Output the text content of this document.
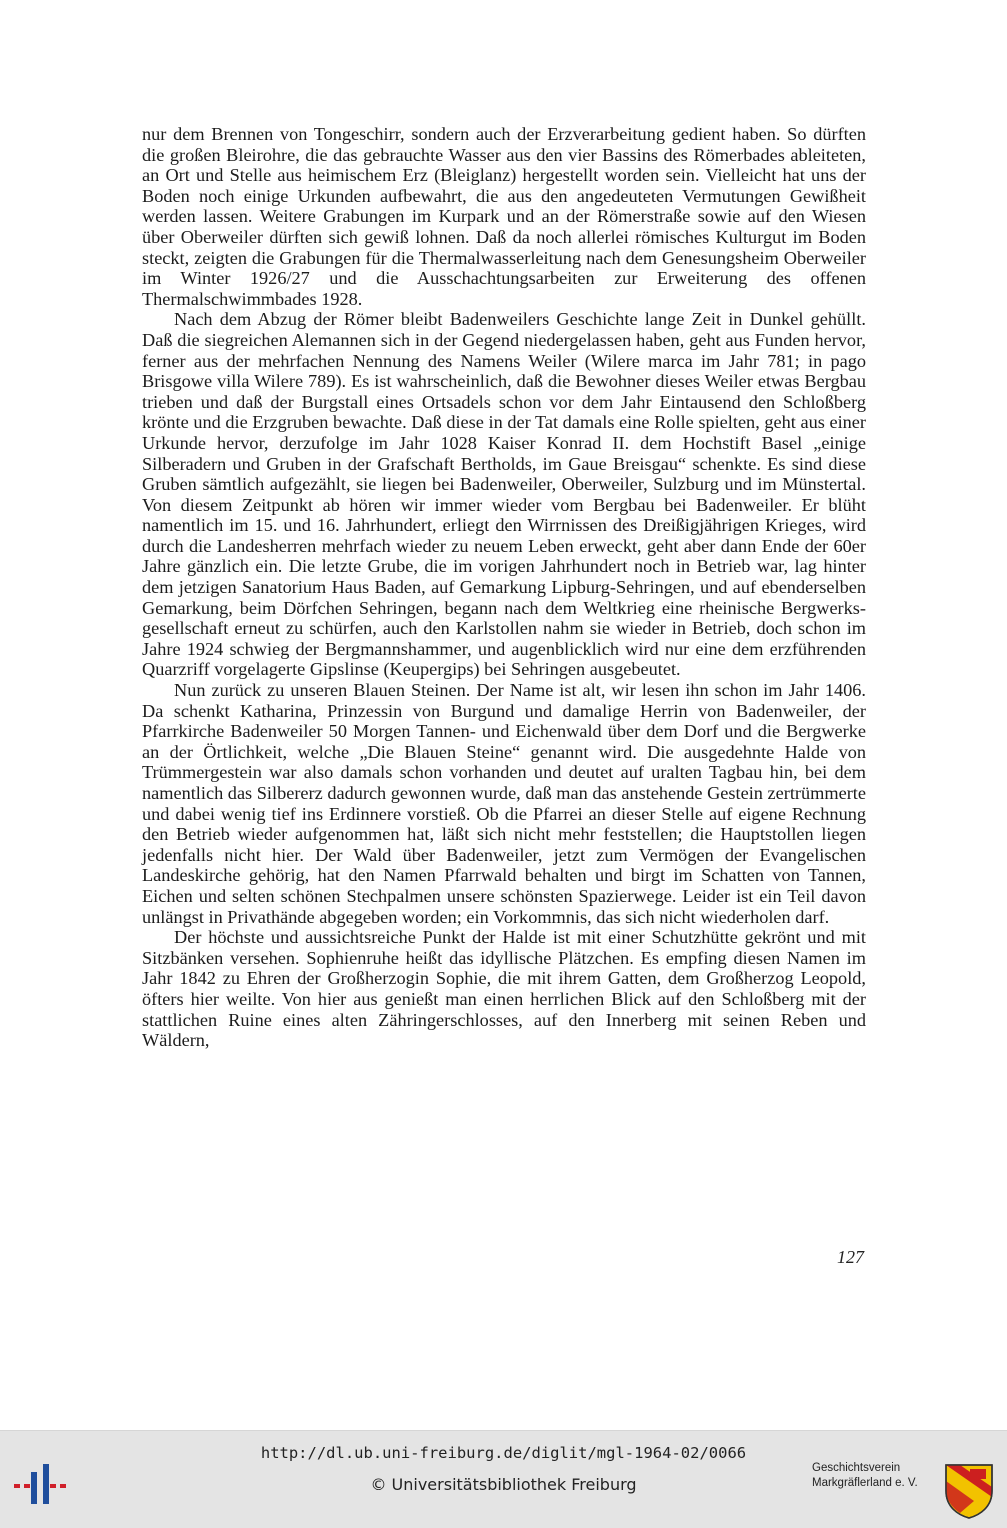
nur dem Brennen von Tongeschirr, sondern auch der Erzverarbeitung gedient haben. So dürften die großen Bleirohre, die das gebrauchte Wasser aus den vier Bassins des Römerbades ableiteten, an Ort und Stelle aus heimischem Erz (Bleiglanz) hergestellt worden sein. Vielleicht hat uns der Boden noch einige Urkunden aufbewahrt, die aus den angedeuteten Vermutungen Gewißheit werden lassen. Weitere Grabungen im Kurpark und an der Römerstraße sowie auf den Wiesen über Oberweiler dürften sich gewiß lohnen. Daß da noch allerlei römisches Kulturgut im Boden steckt, zeigten die Grabungen für die Thermalwasserleitung nach dem Genesungsheim Oberweiler im Winter 1926/27 und die Ausschachtungsarbeiten zur Erweiterung des offenen Thermalschwimmbades 1928.

Nach dem Abzug der Römer bleibt Badenweilers Geschichte lange Zeit in Dunkel gehüllt. Daß die siegreichen Alemannen sich in der Gegend niedergelassen haben, geht aus Funden hervor, ferner aus der mehrfachen Nennung des Namens Weiler (Wilere marca im Jahr 781; in pago Brisgowe villa Wilere 789). Es ist wahrscheinlich, daß die Bewohner dieses Weiler etwas Bergbau trieben und daß der Burgstall eines Ortsadels schon vor dem Jahr Eintausend den Schloßberg krönte und die Erzgruben bewachte. Daß diese in der Tat damals eine Rolle spielten, geht aus einer Urkunde hervor, derzufolge im Jahr 1028 Kaiser Konrad II. dem Hochstift Basel „einige Silberadern und Gruben in der Grafschaft Bertholds, im Gaue Breisgau“ schenkte. Es sind diese Gruben sämtlich aufgezählt, sie liegen bei Badenweiler, Oberweiler, Sulzburg und im Münstertal. Von diesem Zeitpunkt ab hören wir immer wieder vom Bergbau bei Badenweiler. Er blüht namentlich im 15. und 16. Jahrhundert, erliegt den Wirrnissen des Dreißigjährigen Krieges, wird durch die Landesherren mehrfach wieder zu neuem Leben erweckt, geht aber dann Ende der 60er Jahre gänzlich ein. Die letzte Grube, die im vorigen Jahrhundert noch in Betrieb war, lag hinter dem jetzigen Sanatorium Haus Baden, auf Gemarkung Lipburg-Sehringen, und auf ebenderselben Gemarkung, beim Dörfchen Sehringen, begann nach dem Weltkrieg eine rheinische Bergwerksgesellschaft erneut zu schürfen, auch den Karlstollen nahm sie wieder in Betrieb, doch schon im Jahre 1924 schwieg der Bergmannshammer, und augenblicklich wird nur eine dem erzführenden Quarzriff vorgelagerte Gipslinse (Keupergips) bei Sehringen ausgebeutet.

Nun zurück zu unseren Blauen Steinen. Der Name ist alt, wir lesen ihn schon im Jahr 1406. Da schenkt Katharina, Prinzessin von Burgund und damalige Herrin von Badenweiler, der Pfarrkirche Badenweiler 50 Morgen Tannen- und Eichenwald über dem Dorf und die Bergwerke an der Örtlichkeit, welche „Die Blauen Steine“ genannt wird. Die ausgedehnte Halde von Trümmergestein war also damals schon vorhanden und deutet auf uralten Tagbau hin, bei dem namentlich das Silbererz dadurch gewonnen wurde, daß man das anstehende Gestein zertrümmerte und dabei wenig tief ins Erdinnere vorstieß. Ob die Pfarrei an dieser Stelle auf eigene Rechnung den Betrieb wieder aufgenommen hat, läßt sich nicht mehr feststellen; die Hauptstollen liegen jedenfalls nicht hier. Der Wald über Badenweiler, jetzt zum Vermögen der Evangelischen Landeskirche gehörig, hat den Namen Pfarrwald behalten und birgt im Schatten von Tannen, Eichen und selten schönen Stechpalmen unsere schönsten Spazierwege. Leider ist ein Teil davon unlängst in Privathände abgegeben worden; ein Vorkommnis, das sich nicht wiederholen darf.

Der höchste und aussichtsreiche Punkt der Halde ist mit einer Schutzhütte gekrönt und mit Sitzbänken versehen. Sophienruhe heißt das idyllische Plätzchen. Es empfing diesen Namen im Jahr 1842 zu Ehren der Großherzogin Sophie, die mit ihrem Gatten, dem Großherzog Leopold, öfters hier weilte. Von hier aus genießt man einen herrlichen Blick auf den Schloßberg mit der stattlichen Ruine eines alten Zähringerschlosses, auf den Innerberg mit seinen Reben und Wäldern,

127
http://dl.ub.uni-freiburg.de/diglit/mgl-1964-02/0066
© Universitätsbibliothek Freiburg
Geschichtsverein
Markgräflerland e. V.
